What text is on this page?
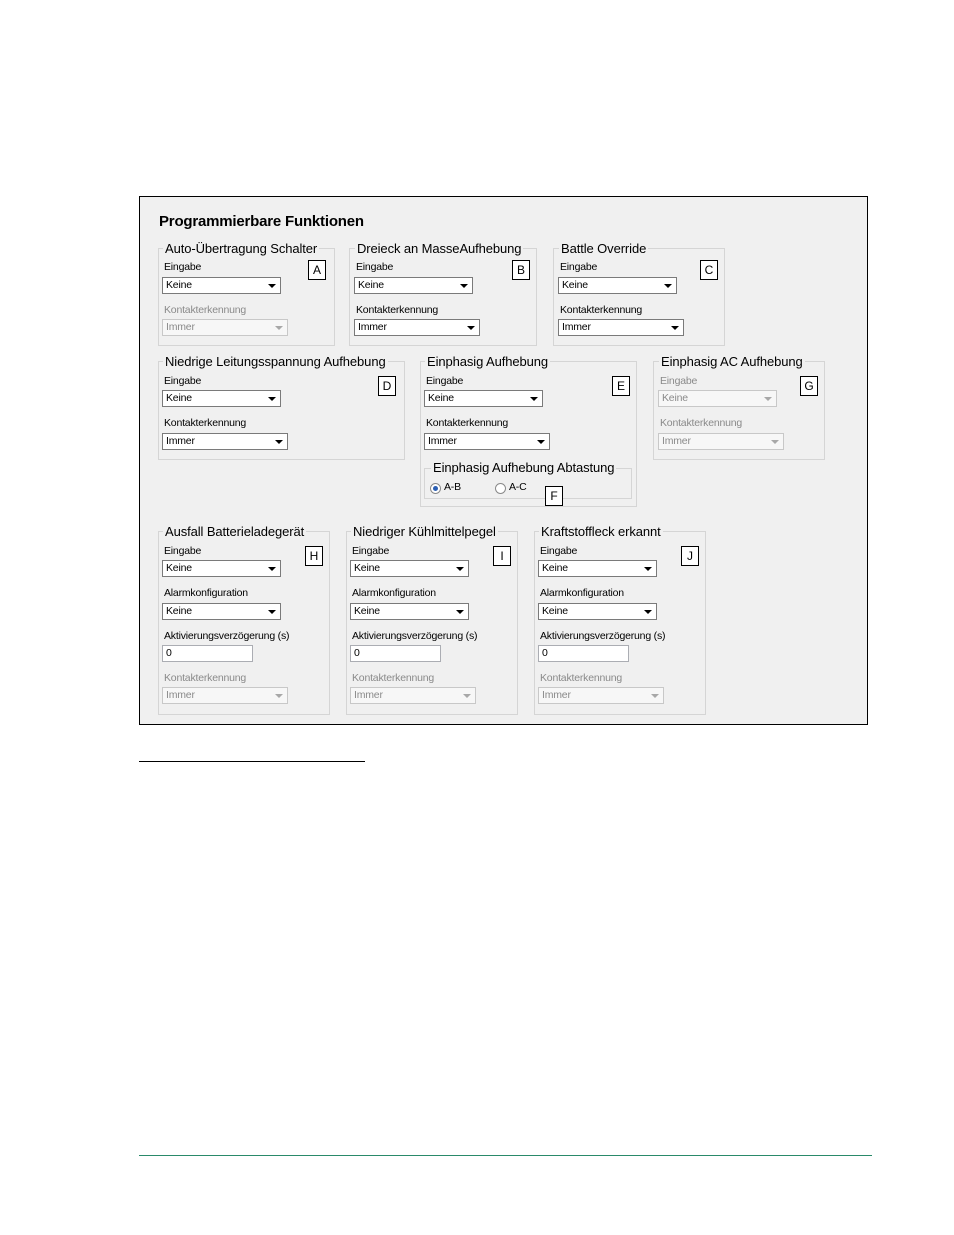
Programmierbare Funktionen
Auto-Übertragung Schalter
A
Eingabe
Keine
Kontakterkennung
Immer
Dreieck an MasseAufhebung
B
Eingabe
Keine
Kontakterkennung
Immer
Battle Override
C
Eingabe
Keine
Kontakterkennung
Immer
Niedrige Leitungsspannung Aufhebung
D
Eingabe
Keine
Kontakterkennung
Immer
Einphasig Aufhebung
E
Eingabe
Keine
Kontakterkennung
Immer
Einphasig Aufhebung Abtastung
A-B	A-C
F
Einphasig AC Aufhebung
G
Eingabe
Keine
Kontakterkennung
Immer
Ausfall Batterieladegerät
H
Eingabe
Keine
Alarmkonfiguration
Keine
Aktivierungsverzögerung (s)
0
Kontakterkennung
Immer
Niedriger Kühlmittelpegel
I
Eingabe
Keine
Alarmkonfiguration
Keine
Aktivierungsverzögerung (s)
0
Kontakterkennung
Immer
Kraftstoffleck erkannt
J
Eingabe
Keine
Alarmkonfiguration
Keine
Aktivierungsverzögerung (s)
0
Kontakterkennung
Immer
